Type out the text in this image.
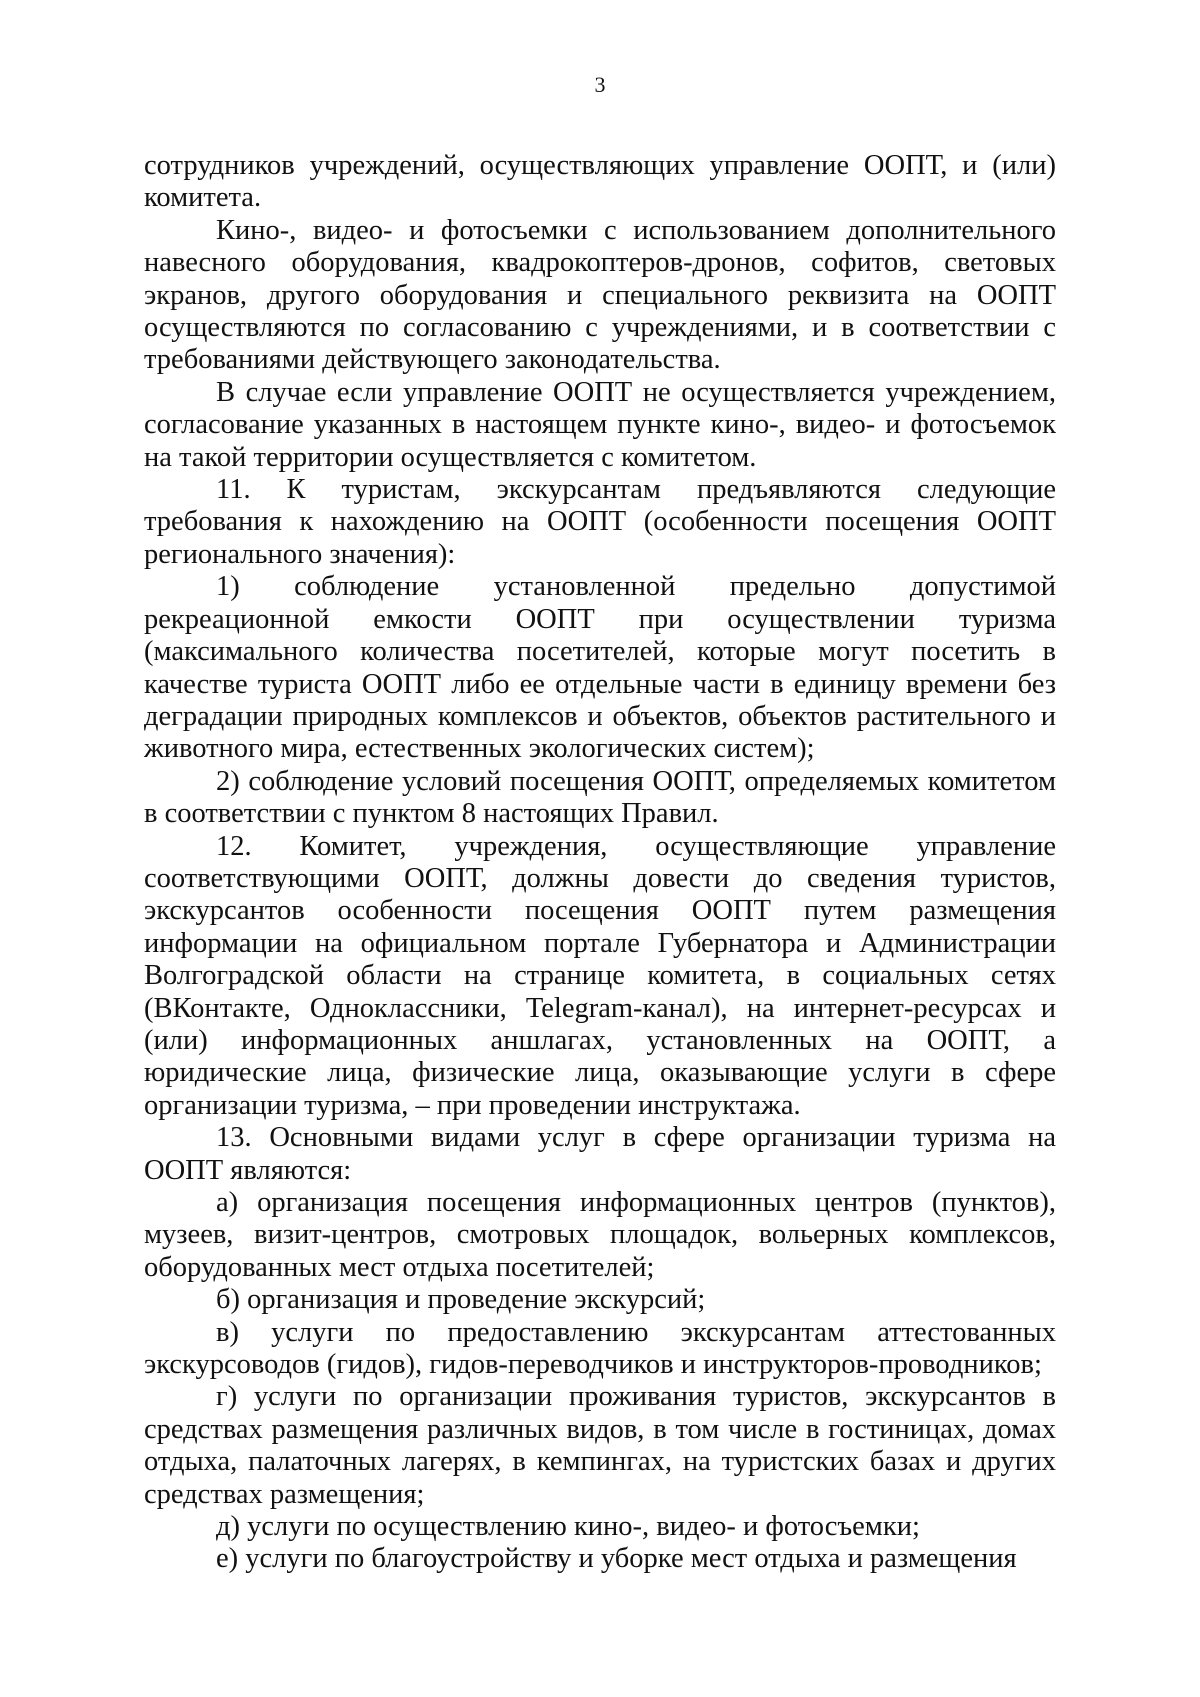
3

сотрудников учреждений, осуществляющих управление ООПТ, и (или) комитета.

Кино-, видео- и фотосъемки с использованием дополнительного навесного оборудования, квадрокоптеров-дронов, софитов, световых экранов, другого оборудования и специального реквизита на ООПТ осуществляются по согласованию с учреждениями, и в соответствии с требованиями действующего законодательства.

В случае если управление ООПТ не осуществляется учреждением, согласование указанных в настоящем пункте кино-, видео- и фотосъемок на такой территории осуществляется с комитетом.

11. К туристам, экскурсантам предъявляются следующие требования к нахождению на ООПТ (особенности посещения ООПТ регионального значения):

1) соблюдение установленной предельно допустимой рекреационной емкости ООПТ при осуществлении туризма (максимального количества посетителей, которые могут посетить в качестве туриста ООПТ либо ее отдельные части в единицу времени без деградации природных комплексов и объектов, объектов растительного и животного мира, естественных экологических систем);

2) соблюдение условий посещения ООПТ, определяемых комитетом в соответствии с пунктом 8 настоящих Правил.

12. Комитет, учреждения, осуществляющие управление соответствующими ООПТ, должны довести до сведения туристов, экскурсантов особенности посещения ООПТ путем размещения информации на официальном портале Губернатора и Администрации Волгоградской области на странице комитета, в социальных сетях (ВКонтакте, Одноклассники, Telegram-канал), на интернет-ресурсах и (или) информационных аншлагах, установленных на ООПТ, а юридические лица, физические лица, оказывающие услуги в сфере организации туризма, – при проведении инструктажа.

13. Основными видами услуг в сфере организации туризма на ООПТ являются:

а) организация посещения информационных центров (пунктов), музеев, визит-центров, смотровых площадок, вольерных комплексов, оборудованных мест отдыха посетителей;

б) организация и проведение экскурсий;

в) услуги по предоставлению экскурсантам аттестованных экскурсоводов (гидов), гидов-переводчиков и инструкторов-проводников;

г) услуги по организации проживания туристов, экскурсантов в средствах размещения различных видов, в том числе в гостиницах, домах отдыха, палаточных лагерях, в кемпингах, на туристских базах и других средствах размещения;

д) услуги по осуществлению кино-, видео- и фотосъемки;

е) услуги по благоустройству и уборке мест отдыха и размещения
